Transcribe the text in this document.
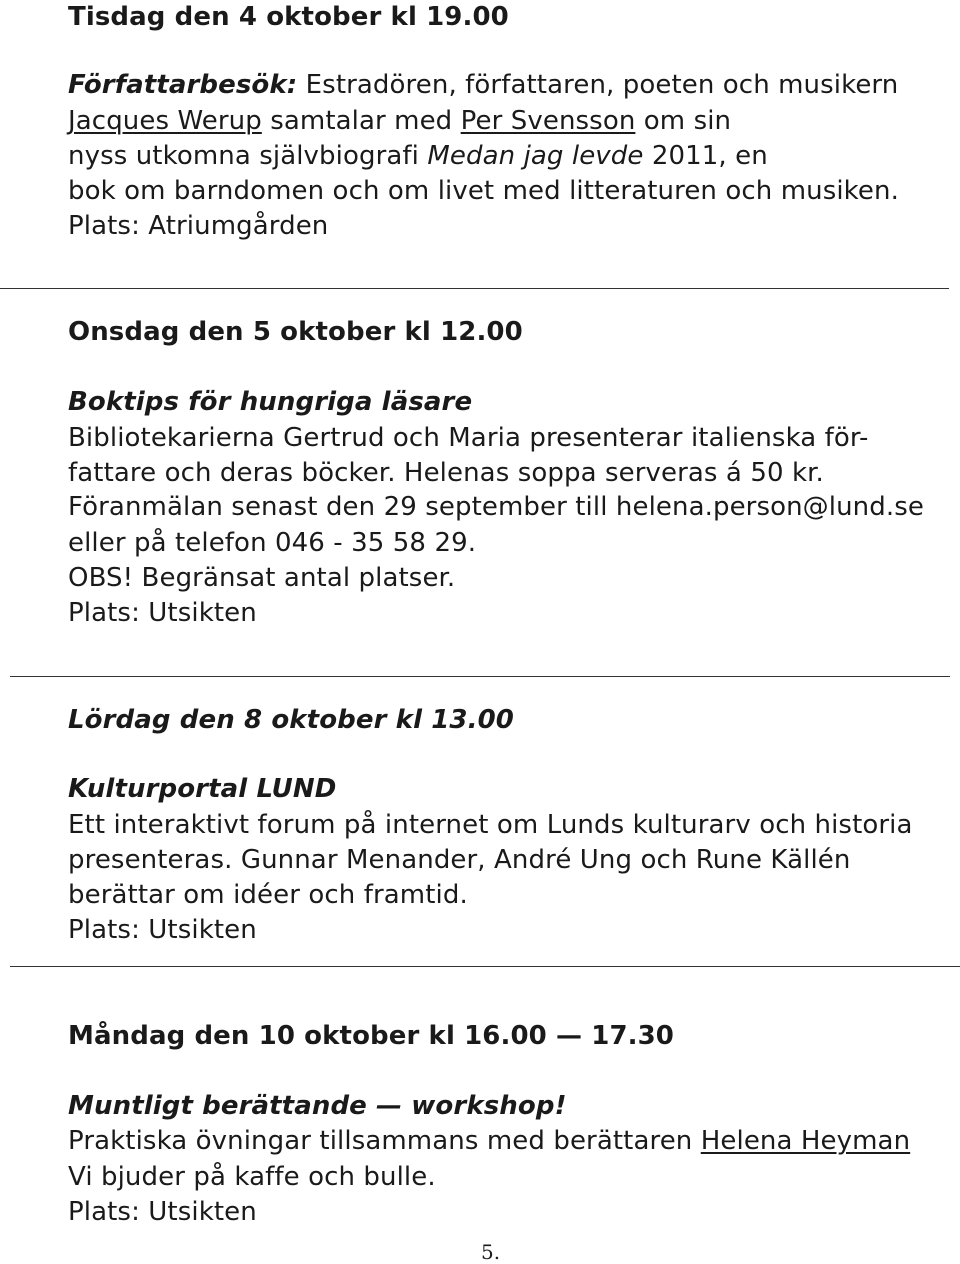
Tisdag den 4 oktober kl 19.00
Författarbesök: Estradören, författaren, poeten och musikern
Jacques Werup samtalar med Per Svensson om sin
nyss utkomna självbiografi Medan jag levde 2011, en
bok om barndomen och om livet med litteraturen och musiken.
Plats: Atriumgården
Onsdag den 5 oktober kl 12.00
Boktips för hungriga läsare
Bibliotekarierna Gertrud och Maria presenterar italienska för-
fattare och deras böcker. Helenas soppa serveras á 50 kr.
Föranmälan senast den 29 september till helena.person@lund.se
eller på telefon 046 - 35 58 29.
OBS! Begränsat antal platser.
Plats: Utsikten
Lördag den 8 oktober kl 13.00
Kulturportal LUND
Ett interaktivt forum på internet om Lunds kulturarv och historia
presenteras. Gunnar Menander, André Ung och Rune Källén
berättar om idéer och framtid.
Plats: Utsikten
Måndag den 10 oktober kl 16.00 — 17.30
Muntligt berättande — workshop!
Praktiska övningar tillsammans med berättaren Helena Heyman
Vi bjuder på kaffe och bulle.
Plats: Utsikten
5.
